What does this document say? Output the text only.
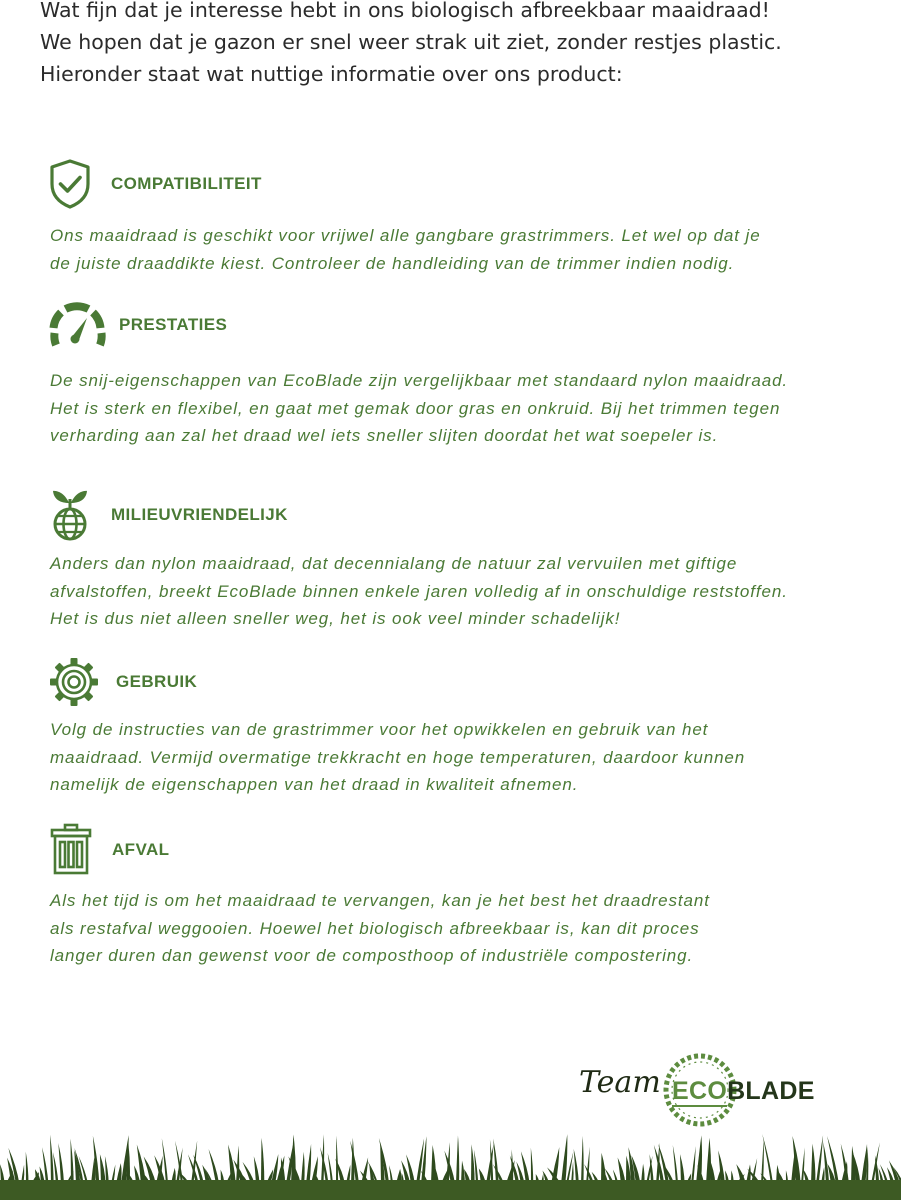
Wat fijn dat je interesse hebt in ons biologisch afbreekbaar maaidraad!
We hopen dat je gazon er snel weer strak uit ziet, zonder restjes plastic.
Hieronder staat wat nuttige informatie over ons product:
COMPATIBILITEIT
Ons maaidraad is geschikt voor vrijwel alle gangbare grastrimmers. Let wel op dat je
de juiste draaddikte kiest. Controleer de handleiding van de trimmer indien nodig.
PRESTATIES
De snij-eigenschappen van EcoBlade zijn vergelijkbaar met standaard nylon maaidraad.
Het is sterk en flexibel, en gaat met gemak door gras en onkruid. Bij het trimmen tegen
verharding aan zal het draad wel iets sneller slijten doordat het wat soepeler is.
MILIEUVRIENDELIJK
Anders dan nylon maaidraad, dat decennialang de natuur zal vervuilen met giftige
afvalstoffen, breekt EcoBlade binnen enkele jaren volledig af in onschuldige reststoffen.
Het is dus niet alleen sneller weg, het is ook veel minder schadelijk!
GEBRUIK
Volg de instructies van de grastrimmer voor het opwikkelen en gebruik van het
maaidraad. Vermijd overmatige trekkracht en hoge temperaturen, daardoor kunnen
namelijk de eigenschappen van het draad in kwaliteit afnemen.
AFVAL
Als het tijd is om het maaidraad te vervangen, kan je het best het draadrestant
als restafval weggooien. Hoewel het biologisch afbreekbaar is, kan dit proces
langer duren dan gewenst voor de composthoop of industriële compostering.
Team ECOBLADE
